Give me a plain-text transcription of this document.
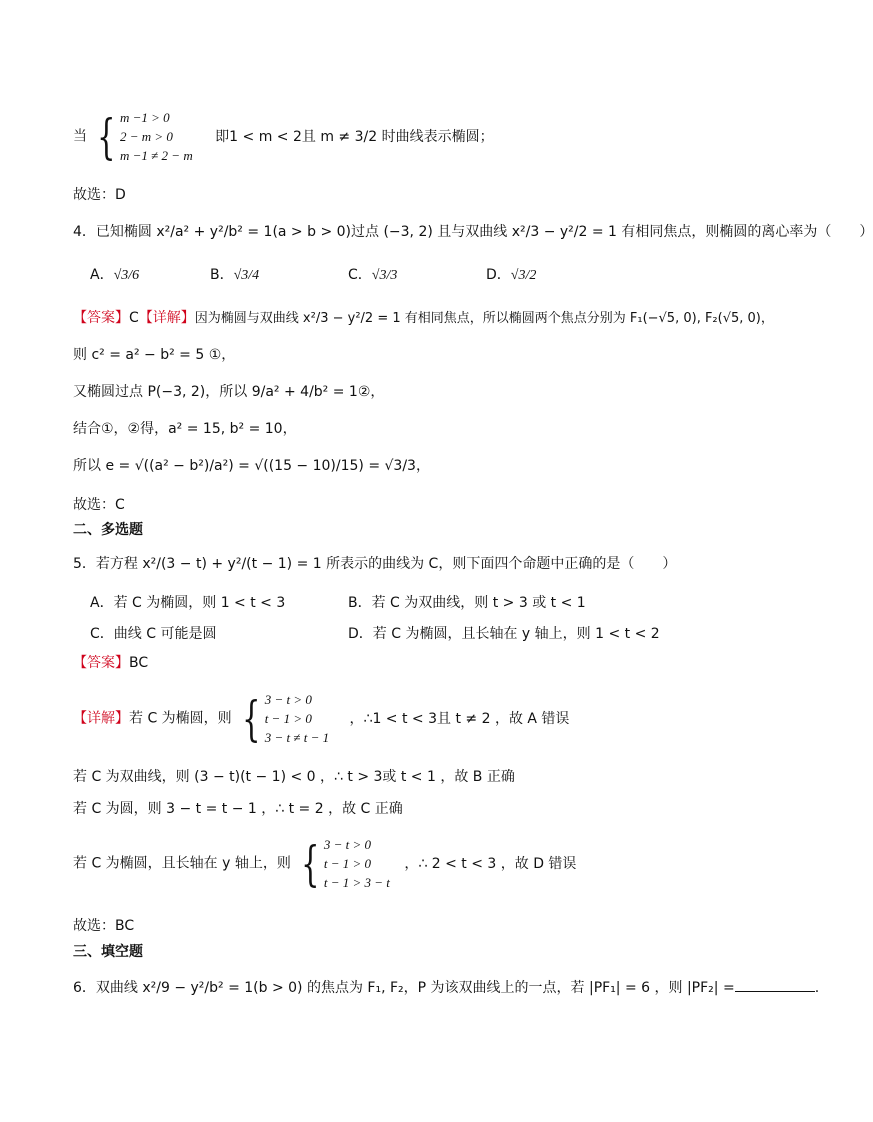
当 { m −1 > 0
2 − m > 0
m −1 ≠ 2 − m
即1 < m < 2且 m ≠ 3/2 时曲线表示椭圆；
故选：D
4．已知椭圆 x²/a² + y²/b² = 1(a > b > 0)过点 (−3, 2) 且与双曲线 x²/3 − y²/2 = 1 有相同焦点，则椭圆的离心率为（　　）
A．√3/6	B．√3/4	C．√3/3	D．√3/2
【答案】C【详解】因为椭圆与双曲线 x²/3 − y²/2 = 1 有相同焦点，所以椭圆两个焦点分别为 F₁(−√5, 0), F₂(√5, 0)，
则 c² = a² − b² = 5 ①，
又椭圆过点 P(−3, 2)，所以 9/a² + 4/b² = 1②，
结合①，②得，a² = 15, b² = 10，
所以 e = √((a² − b²)/a²) = √((15 − 10)/15) = √3/3，
故选：C
二、多选题
5．若方程 x²/(3 − t) + y²/(t − 1) = 1 所表示的曲线为 C，则下面四个命题中正确的是（　　）
A．若 C 为椭圆，则 1 < t < 3	B．若 C 为双曲线，则 t > 3 或 t < 1
C．曲线 C 可能是圆	D．若 C 为椭圆，且长轴在 y 轴上，则 1 < t < 2
【答案】BC
【详解】若 C 为椭圆，则 { 3 − t > 0
t − 1 > 0
3 − t ≠ t − 1
，∴1 < t < 3且 t ≠ 2 ，故 A 错误
若 C 为双曲线，则 (3 − t)(t − 1) < 0 ，∴ t > 3或 t < 1 ，故 B 正确
若 C 为圆，则 3 − t = t − 1 ，∴ t = 2 ，故 C 正确
若 C 为椭圆，且长轴在 y 轴上，则 { 3 − t > 0
t − 1 > 0
t − 1 > 3 − t
，∴ 2 < t < 3 ，故 D 错误
故选：BC
三、填空题
6．双曲线 x²/9 − y²/b² = 1(b > 0) 的焦点为 F₁, F₂，P 为该双曲线上的一点，若 |PF₁| = 6 ，则 |PF₂| =	.
